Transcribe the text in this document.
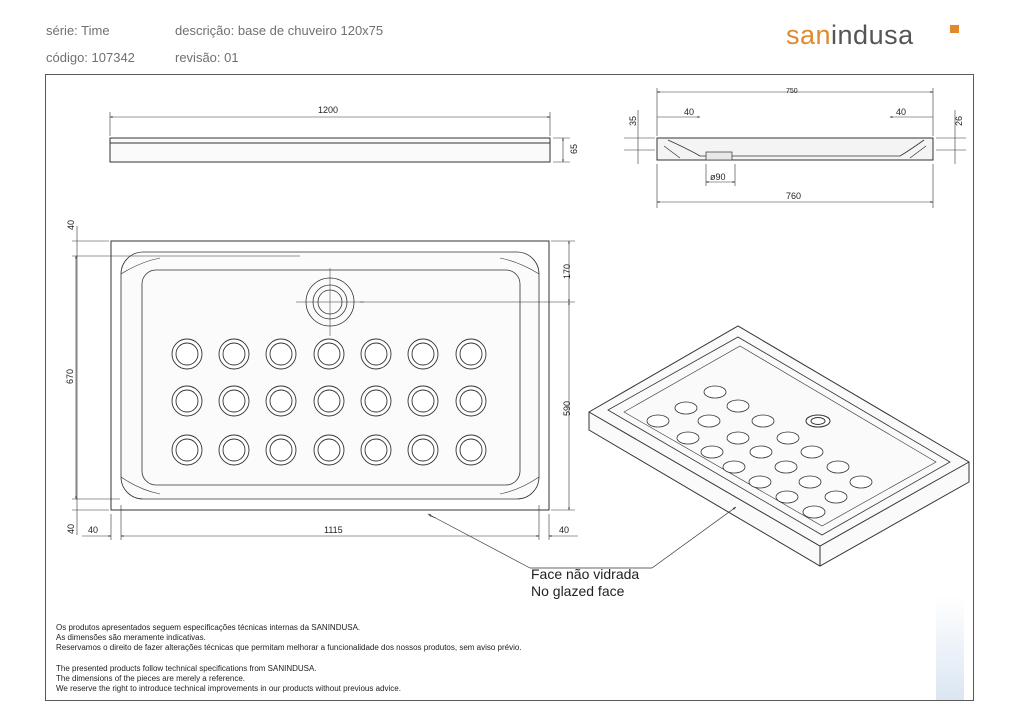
série: Time	descrição: base de chuveiro 120x75
código: 107342	revisão: 01
sanindusa
1200
65
750
40	40
35	26
ø90
760
40
670
40
170
590
40	1115	40
Face não vidrada
No glazed face
Os produtos apresentados seguem especificações técnicas internas da SANINDUSA.
As dimensões são meramente indicativas.
Reservamos o direito de fazer alterações técnicas que permitam melhorar a funcionalidade dos nossos produtos, sem aviso prévio.
The presented products follow technical specifications from SANINDUSA.
The dimensions of the pieces are merely a reference.
We reserve the right to introduce technical improvements in our products without previous advice.
